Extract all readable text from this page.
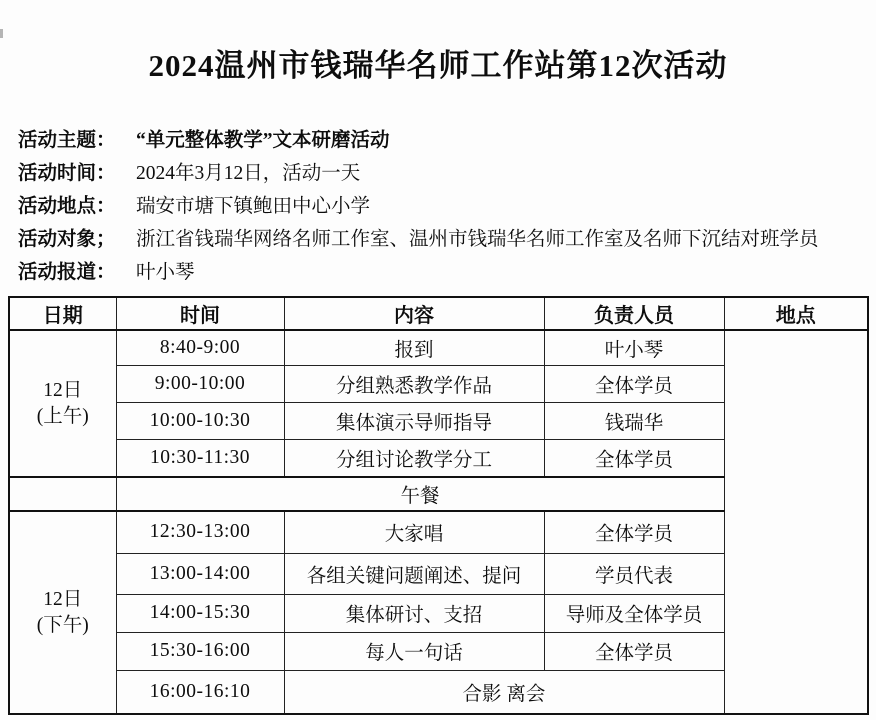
2024温州市钱瑞华名师工作站第12次活动
活动主题： “单元整体教学”文本研磨活动
活动时间： 2024年3月12日，活动一天
活动地点： 瑞安市塘下镇鲍田中心小学
活动对象； 浙江省钱瑞华网络名师工作室、温州市钱瑞华名师工作室及名师下沉结对班学员
活动报道： 叶小琴
日期	时间	内容	负责人员	地点

12日
(上午)	8:40-9:00	报到	叶小琴	
	9:00-10:00	分组熟悉教学作品	全体学员	
	10:00-10:30	集体演示导师指导	钱瑞华	
	10:30-11:30	分组讨论教学分工	全体学员	
	午餐			

12日
(下午)	12:30-13:00	大家唱	全体学员	
	13:00-14:00	各组关键问题阐述、提问	学员代表	
	14:00-15:30	集体研讨、支招	导师及全体学员	
	15:30-16:00	每人一句话	全体学员	
	16:00-16:10	合影 离会		
